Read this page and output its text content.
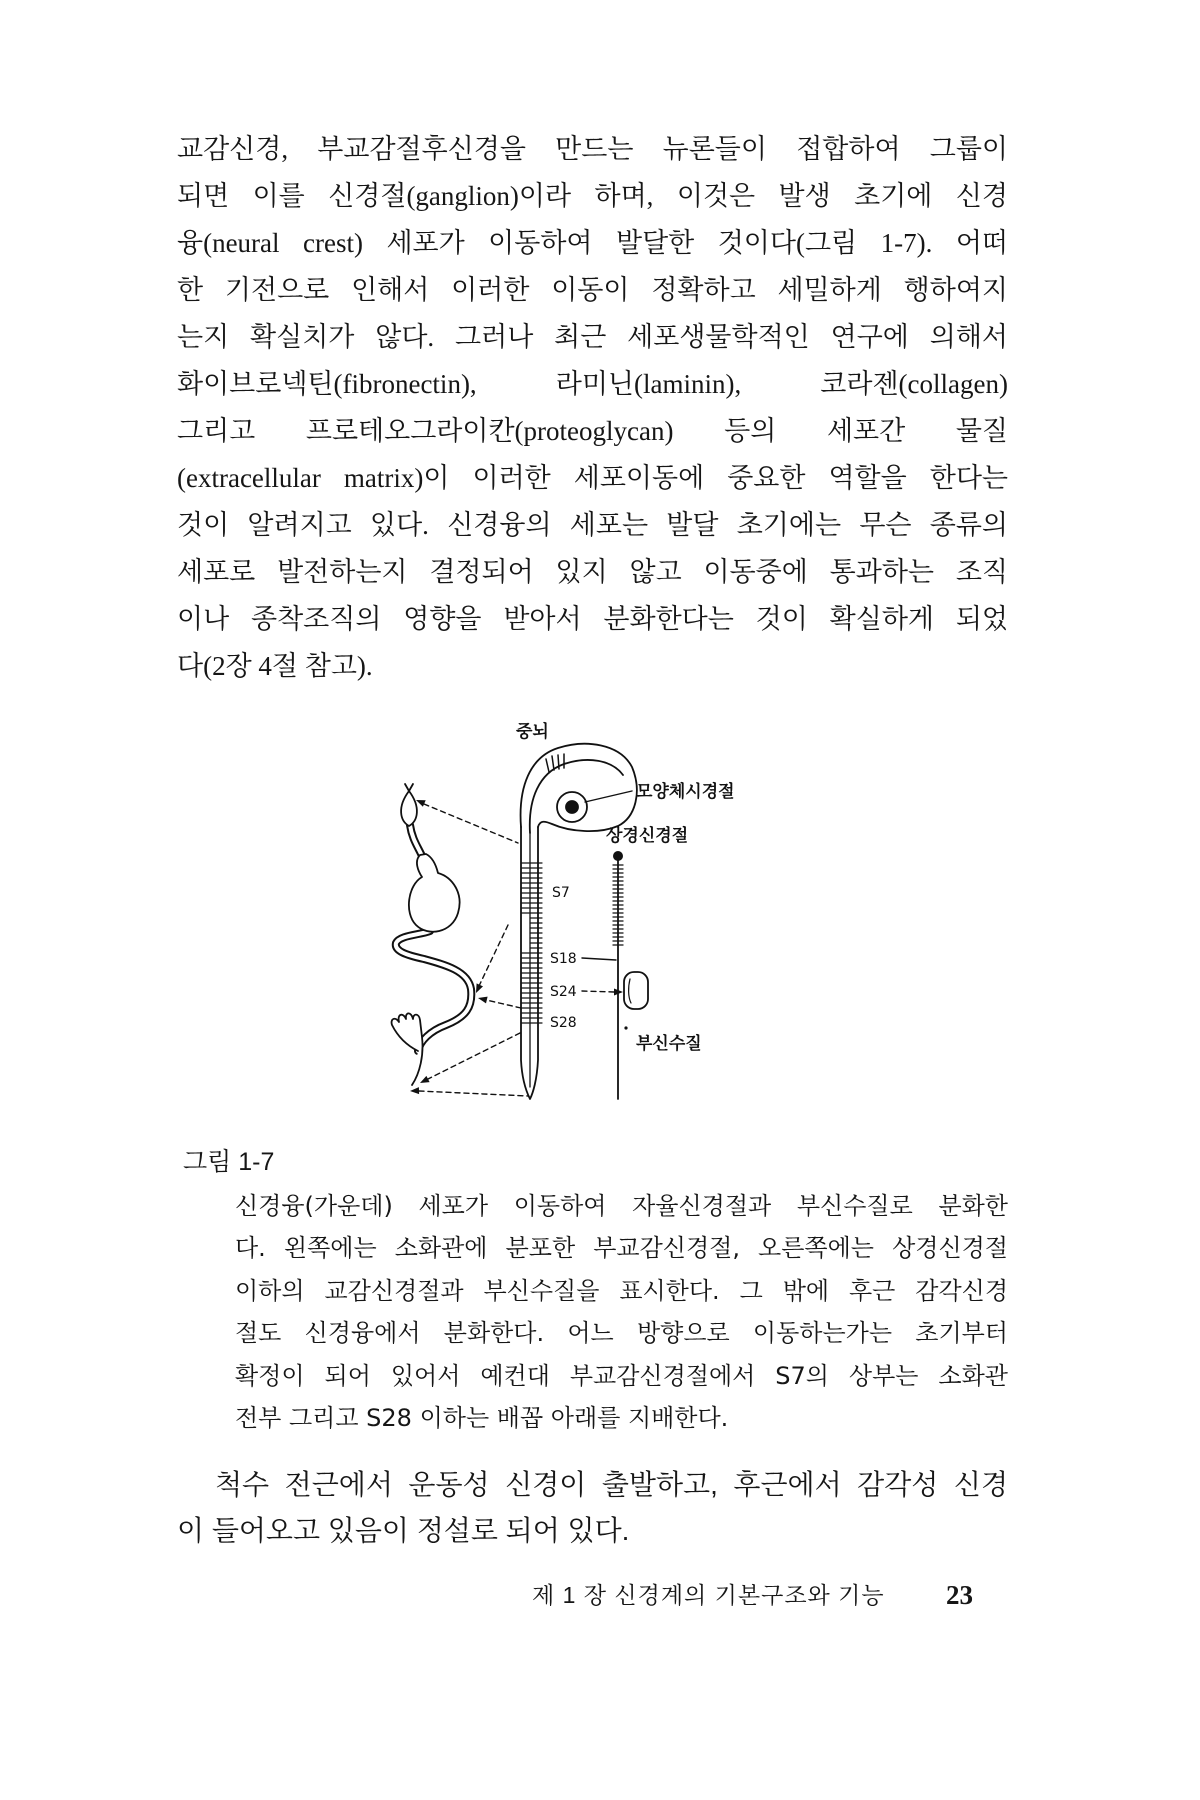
교감신경, 부교감절후신경을 만드는 뉴론들이 접합하여 그룹이
되면 이를 신경절(ganglion)이라 하며, 이것은 발생 초기에 신경
융(neural crest) 세포가 이동하여 발달한 것이다(그림 1-7). 어떠
한 기전으로 인해서 이러한 이동이 정확하고 세밀하게 행하여지
는지 확실치가 않다. 그러나 최근 세포생물학적인 연구에 의해서
화이브로넥틴(fibronectin), 라미닌(laminin), 코라젠(collagen)
그리고 프로테오그라이칸(proteoglycan) 등의 세포간 물질
(extracellular matrix)이 이러한 세포이동에 중요한 역할을 한다는
것이 알려지고 있다. 신경융의 세포는 발달 초기에는 무슨 종류의
세포로 발전하는지 결정되어 있지 않고 이동중에 통과하는 조직
이나 종착조직의 영향을 받아서 분화한다는 것이 확실하게 되었
다(2장 4절 참고).
중뇌
모양체시경절
상경신경절
S7
S18
S24
S28
부신수질
그림 1-7
신경융(가운데) 세포가 이동하여 자율신경절과 부신수질로 분화한
다. 왼쪽에는 소화관에 분포한 부교감신경절, 오른쪽에는 상경신경절
이하의 교감신경절과 부신수질을 표시한다. 그 밖에 후근 감각신경
절도 신경융에서 분화한다. 어느 방향으로 이동하는가는 초기부터
확정이 되어 있어서 예컨대 부교감신경절에서 S7의 상부는 소화관
전부 그리고 S28 이하는 배꼽 아래를 지배한다.
척수 전근에서 운동성 신경이 출발하고, 후근에서 감각성 신경
이 들어오고 있음이 정설로 되어 있다.
제 1 장 신경계의 기본구조와 기능 23
